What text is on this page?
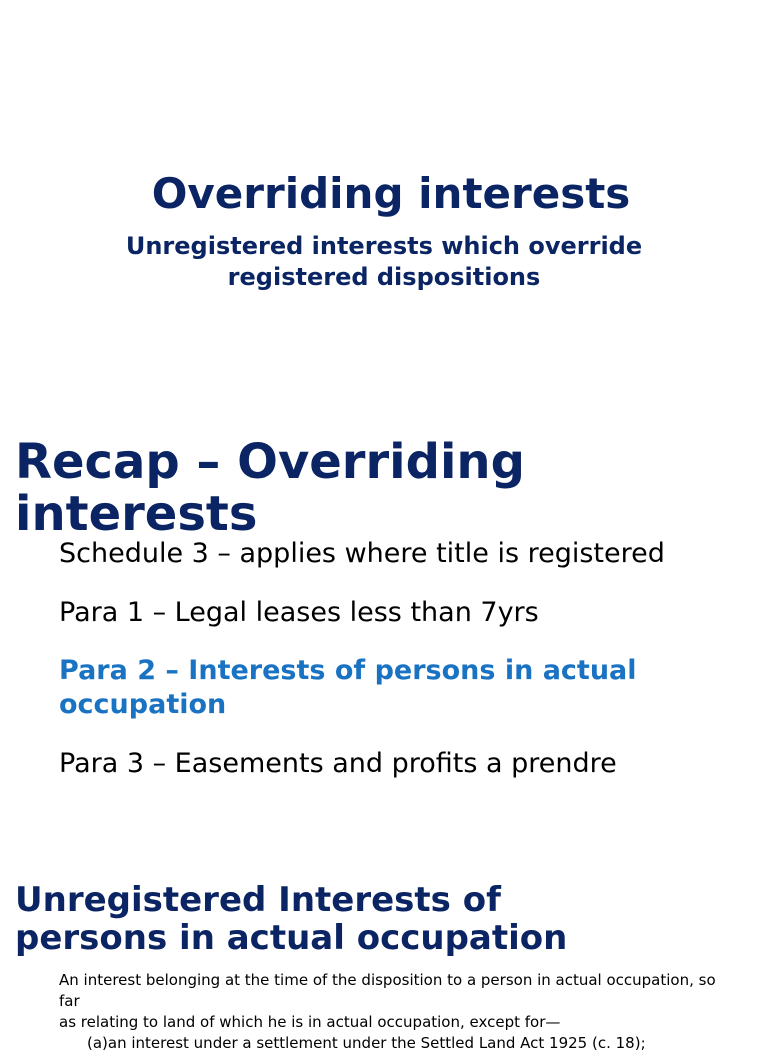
Overriding interests
Unregistered interests which override
registered dispositions
Recap – Overriding
interests

Schedule 3 – applies where title is registered

Para 1 – Legal leases less than 7yrs

Para 2 – Interests of persons in actual
occupation

Para 3 – Easements and profits a prendre

Unregistered Interests of
persons in actual occupation
An interest belonging at the time of the disposition to a person in actual occupation, so far
as relating to land of which he is in actual occupation, except for—
(a)an interest under a settlement under the Settled Land Act 1925 (c. 18);
